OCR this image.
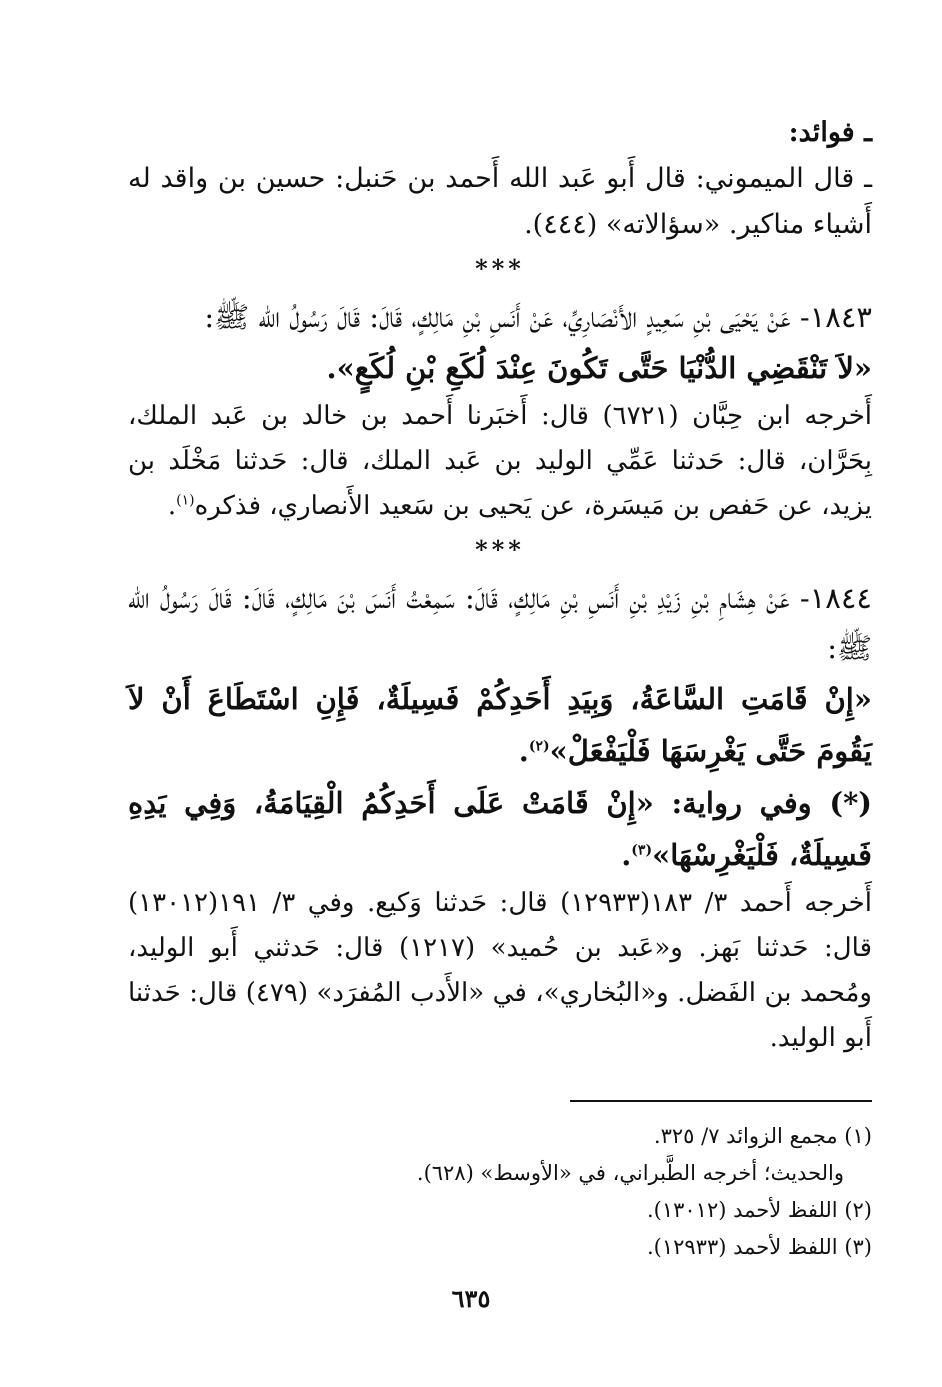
ـ فوائد:

ـ قال الميموني: قال أَبو عَبد الله أَحمد بن حَنبل: حسين بن واقد له أَشياء مناكير. «سؤالاته» (٤٤٤).

***

١٨٤٣- عَنْ يَحْيَى بْنِ سَعِيدٍ الأَنْصَارِيِّ، عَنْ أَنَسِ بْنِ مَالِكٍ، قَالَ: قَالَ رَسُولُ الله ﷺ:

«لاَ تَنْقَضِي الدُّنْيَا حَتَّى تَكُونَ عِنْدَ لُكَعِ بْنِ لُكَعٍ».

أَخرجه ابن حِبَّان (٦٧٢١) قال: أَخبَرنا أَحمد بن خالد بن عَبد الملك، بِحَرَّان، قال: حَدثنا عَمِّي الوليد بن عَبد الملك، قال: حَدثنا مَخْلَد بن يزيد، عن حَفص بن مَيسَرة، عن يَحيى بن سَعيد الأَنصاري، فذكره$^{(١)}$.

***

١٨٤٤- عَنْ هِشَامِ بْنِ زَيْدِ بْنِ أَنَسِ بْنِ مَالِكٍ، قَالَ: سَمِعْتُ أَنَسَ بْنَ مَالِكٍ، قَالَ: قَالَ رَسُولُ الله ﷺ:

«إِنْ قَامَتِ السَّاعَةُ، وَبِيَدِ أَحَدِكُمْ فَسِيلَةٌ، فَإِنِ اسْتَطَاعَ أَنْ لاَ يَقُومَ حَتَّى يَغْرِسَهَا فَلْيَفْعَلْ»$^{(٢)}$.

(*) وفي رواية: «إِنْ قَامَتْ عَلَى أَحَدِكُمُ الْقِيَامَةُ، وَفِي يَدِهِ فَسِيلَةٌ، فَلْيَغْرِسْهَا»$^{(٣)}$.

أَخرجه أَحمد ٣/ ١٨٣(١٢٩٣٣) قال: حَدثنا وَكيع. وفي ٣/ ١٩١(١٣٠١٢) قال: حَدثنا بَهز. و«عَبد بن حُميد» (١٢١٧) قال: حَدثني أَبو الوليد، ومُحمد بن الفَضل. و«البُخاري»، في «الأَدب المُفرَد» (٤٧٩) قال: حَدثنا أَبو الوليد.

(١) مجمع الزوائد ٧/ ٣٢٥.

والحديث؛ أخرجه الطَّبراني، في «الأوسط» (٦٢٨).

(٢) اللفظ لأحمد (١٣٠١٢).

(٣) اللفظ لأحمد (١٢٩٣٣).

٦٣٥
